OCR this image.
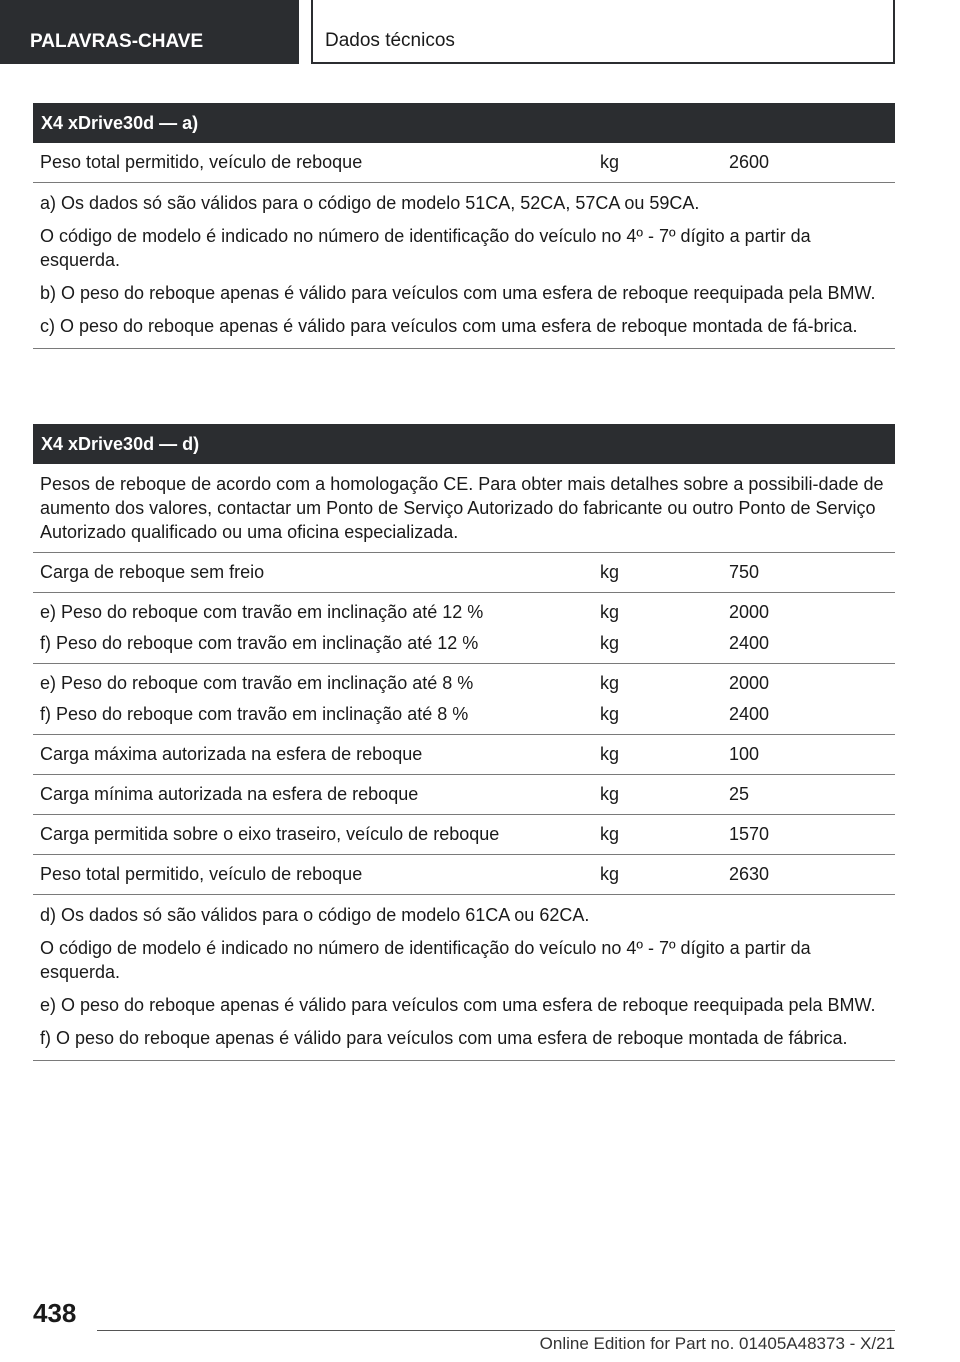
PALAVRAS-CHAVE	Dados técnicos
X4 xDrive30d — a)
Peso total permitido, veículo de reboque	kg	2600

a) Os dados só são válidos para o código de modelo 51CA, 52CA, 57CA ou 59CA.

O código de modelo é indicado no número de identificação do veículo no 4º - 7º dígito a partir da esquerda.

b) O peso do reboque apenas é válido para veículos com uma esfera de reboque reequipada pela BMW.

c) O peso do reboque apenas é válido para veículos com uma esfera de reboque montada de fá-brica.

X4 xDrive30d — d)
Pesos de reboque de acordo com a homologação CE. Para obter mais detalhes sobre a possibili-dade de aumento dos valores, contactar um Ponto de Serviço Autorizado do fabricante ou outro Ponto de Serviço Autorizado qualificado ou uma oficina especializada.
Carga de reboque sem freio	kg	750
e) Peso do reboque com travão em inclinação até 12 %	kg	2000
f) Peso do reboque com travão em inclinação até 12 %	kg	2400
e) Peso do reboque com travão em inclinação até 8 %	kg	2000
f) Peso do reboque com travão em inclinação até 8 %	kg	2400
Carga máxima autorizada na esfera de reboque	kg	100
Carga mínima autorizada na esfera de reboque	kg	25
Carga permitida sobre o eixo traseiro, veículo de reboque	kg	1570
Peso total permitido, veículo de reboque	kg	2630

d) Os dados só são válidos para o código de modelo 61CA ou 62CA.

O código de modelo é indicado no número de identificação do veículo no 4º - 7º dígito a partir da esquerda.

e) O peso do reboque apenas é válido para veículos com uma esfera de reboque reequipada pela BMW.

f) O peso do reboque apenas é válido para veículos com uma esfera de reboque montada de fábrica.

438
Online Edition for Part no. 01405A48373 - X/21
